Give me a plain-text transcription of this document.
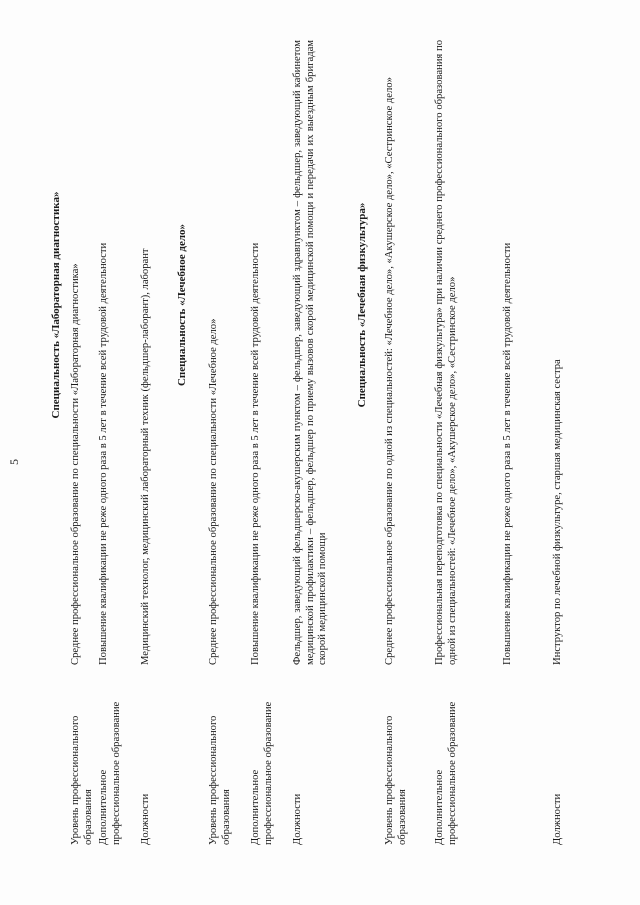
5
Специальность «Лабораторная диагностика»
Уровень профессионального образования
Среднее профессиональное образование по специальности «Лабораторная диагностика»
Дополнительное профессиональное образование
Повышение квалификации не реже одного раза в 5 лет в течение всей трудовой деятельности
Должности
Медицинский технолог, медицинский лабораторный техник (фельдшер-лаборант), лаборант Специальность «Лечебное дело»
Уровень профессионального образования
Среднее профессиональное образование по специальности «Лечебное дело»
Дополнительное профессиональное образование
Повышение квалификации не реже одного раза в 5 лет в течение всей трудовой деятельности
Должности
Фельдшер, заведующий фельдшерско-акушерским пунктом – фельдшер, заведующий здравпунктом – фельдшер, заведующий кабинетом медицинской профилактики – фельдшер, фельдшер по приему вызовов скорой медицинской помощи и передачи их выездным бригадам скорой медицинской помощи
Специальность «Лечебная физкультура»
Уровень профессионального образования
Среднее профессиональное образование по одной из специальностей: «Лечебное дело», «Акушерское дело», «Сестринское дело»
Дополнительное профессиональное образование
Профессиональная переподготовка по специальности «Лечебная физкультура» при наличии среднего профессионального образования по одной из специальностей: «Лечебное дело», «Акушерское дело», «Сестринское дело»	Повышение квалификации не реже одного раза в 5 лет в течение всей трудовой деятельности
Должности
Инструктор по лечебной физкультуре, старшая медицинская сестра
